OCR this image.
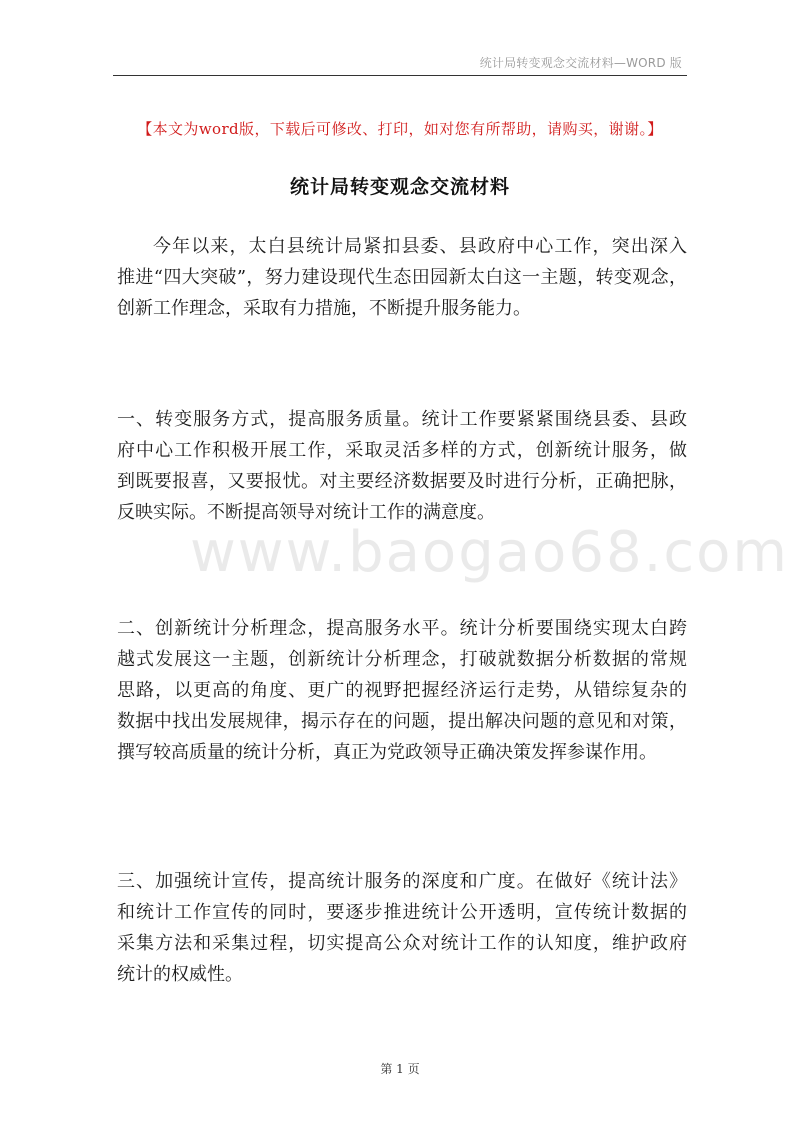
统计局转变观念交流材料—WORD 版
【本文为word版，下载后可修改、打印，如对您有所帮助，请购买，谢谢。】
统计局转变观念交流材料
www.baogao68.com
今年以来，太白县统计局紧扣县委、县政府中心工作，突出深入
推进“四大突破”，努力建设现代生态田园新太白这一主题，转变观念，
创新工作理念，采取有力措施，不断提升服务能力。
一、转变服务方式，提高服务质量。统计工作要紧紧围绕县委、县政
府中心工作积极开展工作，采取灵活多样的方式，创新统计服务，做
到既要报喜，又要报忧。对主要经济数据要及时进行分析，正确把脉，
反映实际。不断提高领导对统计工作的满意度。
二、创新统计分析理念，提高服务水平。统计分析要围绕实现太白跨
越式发展这一主题，创新统计分析理念，打破就数据分析数据的常规
思路，以更高的角度、更广的视野把握经济运行走势，从错综复杂的
数据中找出发展规律，揭示存在的问题，提出解决问题的意见和对策，
撰写较高质量的统计分析，真正为党政领导正确决策发挥参谋作用。
三、加强统计宣传，提高统计服务的深度和广度。在做好《统计法》
和统计工作宣传的同时，要逐步推进统计公开透明，宣传统计数据的
采集方法和采集过程，切实提高公众对统计工作的认知度，维护政府
统计的权威性。
第 1 页
